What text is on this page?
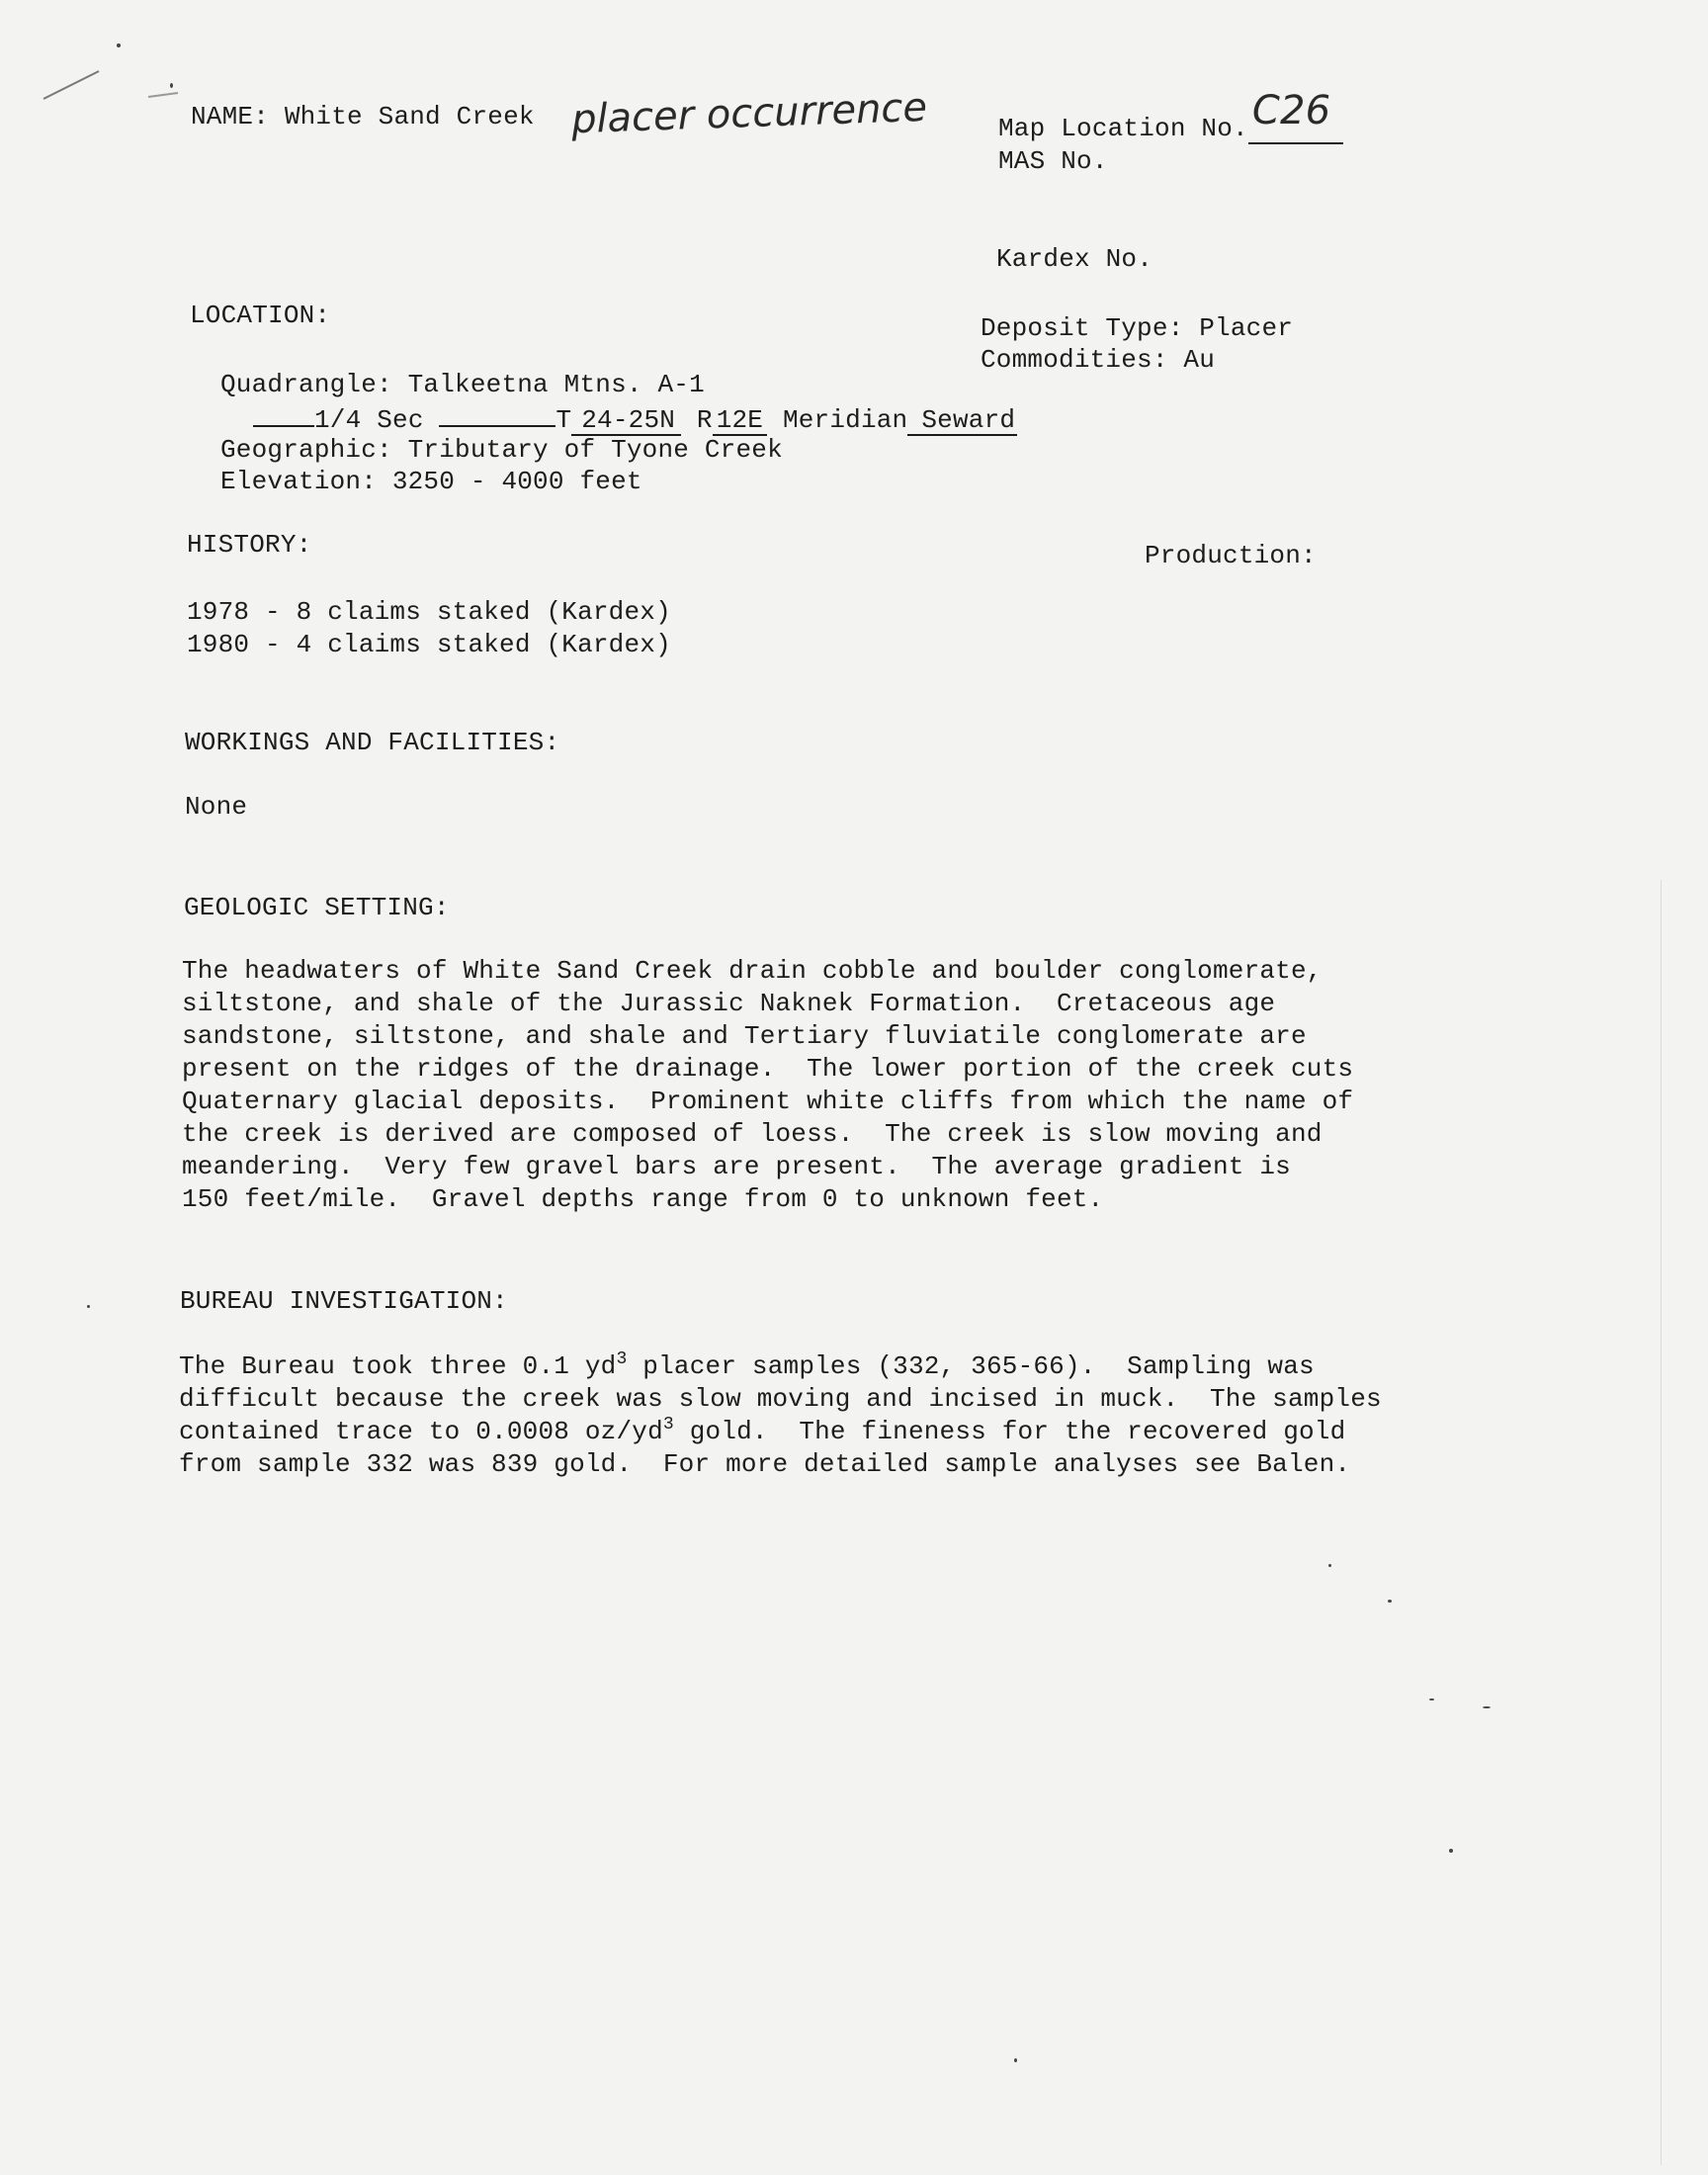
NAME: White Sand Creek placer occurrence	Map Location No. C26

MAS No.
Kardex No.
LOCATION:	Deposit Type: Placer
Commodities: Au
Quadrangle: Talkeetna Mtns. A-1
1/4 Sec	T 24-25N R 12E Meridian Seward
Geographic: Tributary of Tyone Creek
Elevation: 3250 - 4000 feet
HISTORY:	Production:
1978 - 8 claims staked (Kardex)
1980 - 4 claims staked (Kardex)
WORKINGS AND FACILITIES:
None
GEOLOGIC SETTING:
The headwaters of White Sand Creek drain cobble and boulder conglomerate,
siltstone, and shale of the Jurassic Naknek Formation.  Cretaceous age
sandstone, siltstone, and shale and Tertiary fluviatile conglomerate are
present on the ridges of the drainage.  The lower portion of the creek cuts
Quaternary glacial deposits.  Prominent white cliffs from which the name of
the creek is derived are composed of loess.  The creek is slow moving and
meandering.  Very few gravel bars are present.  The average gradient is
150 feet/mile.  Gravel depths range from 0 to unknown feet.
BUREAU INVESTIGATION:
The Bureau took three 0.1 $yd^3$ placer samples (332, 365-66).  Sampling was
difficult because the creek was slow moving and incised in muck.  The samples
contained trace to 0.0008 $oz/yd^3$ gold.  The fineness for the recovered gold
from sample 332 was 839 gold.  For more detailed sample analyses see Balen.
